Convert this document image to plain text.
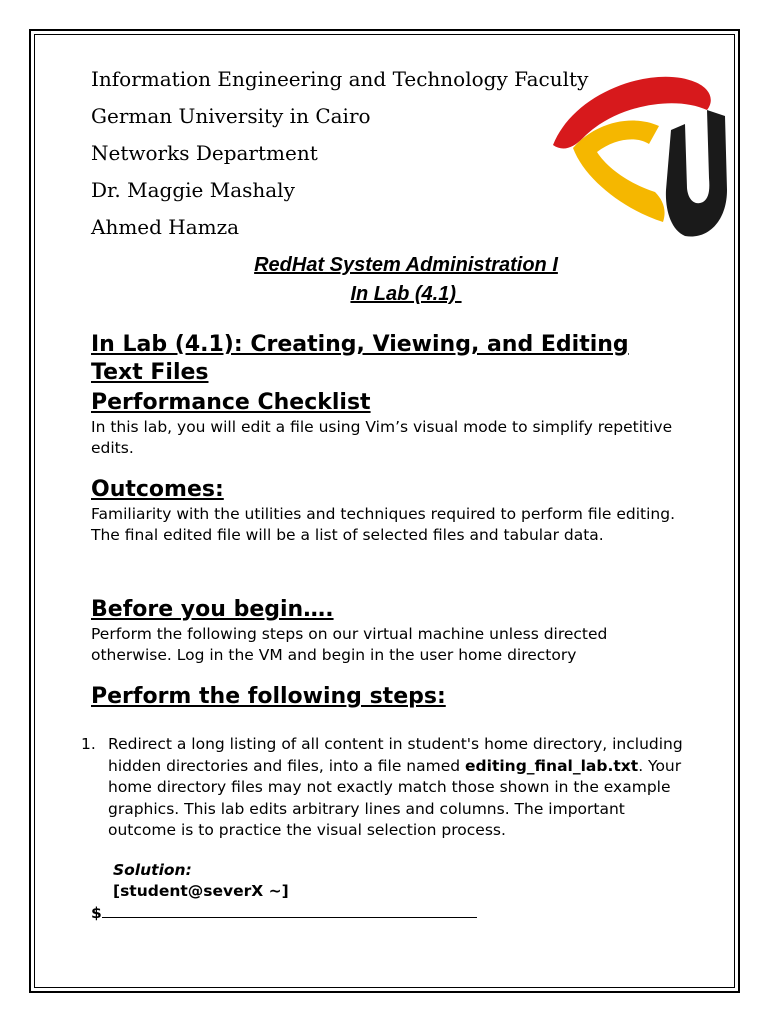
Information Engineering and Technology Faculty
German University in Cairo
Networks Department
Dr. Maggie Mashaly
Ahmed Hamza
RedHat System Administration I
In Lab (4.1)
In Lab (4.1): Creating, Viewing, and Editing
Text Files
Performance Checklist

In this lab, you will edit a file using Vim’s visual mode to simplify repetitive edits.

Outcomes:

Familiarity with the utilities and techniques required to perform file editing. The final edited file will be a list of selected files and tabular data.

Before you begin….

Perform the following steps on our virtual machine unless directed otherwise. Log in the VM and begin in the user home directory

Perform the following steps:
1. Redirect a long listing of all content in student's home directory, including hidden directories and files, into a file named editing_final_lab.txt. Your home directory files may not exactly match those shown in the example graphics. This lab edits arbitrary lines and columns. The important outcome is to practice the visual selection process.
Solution:
[student@severX ~]
$
